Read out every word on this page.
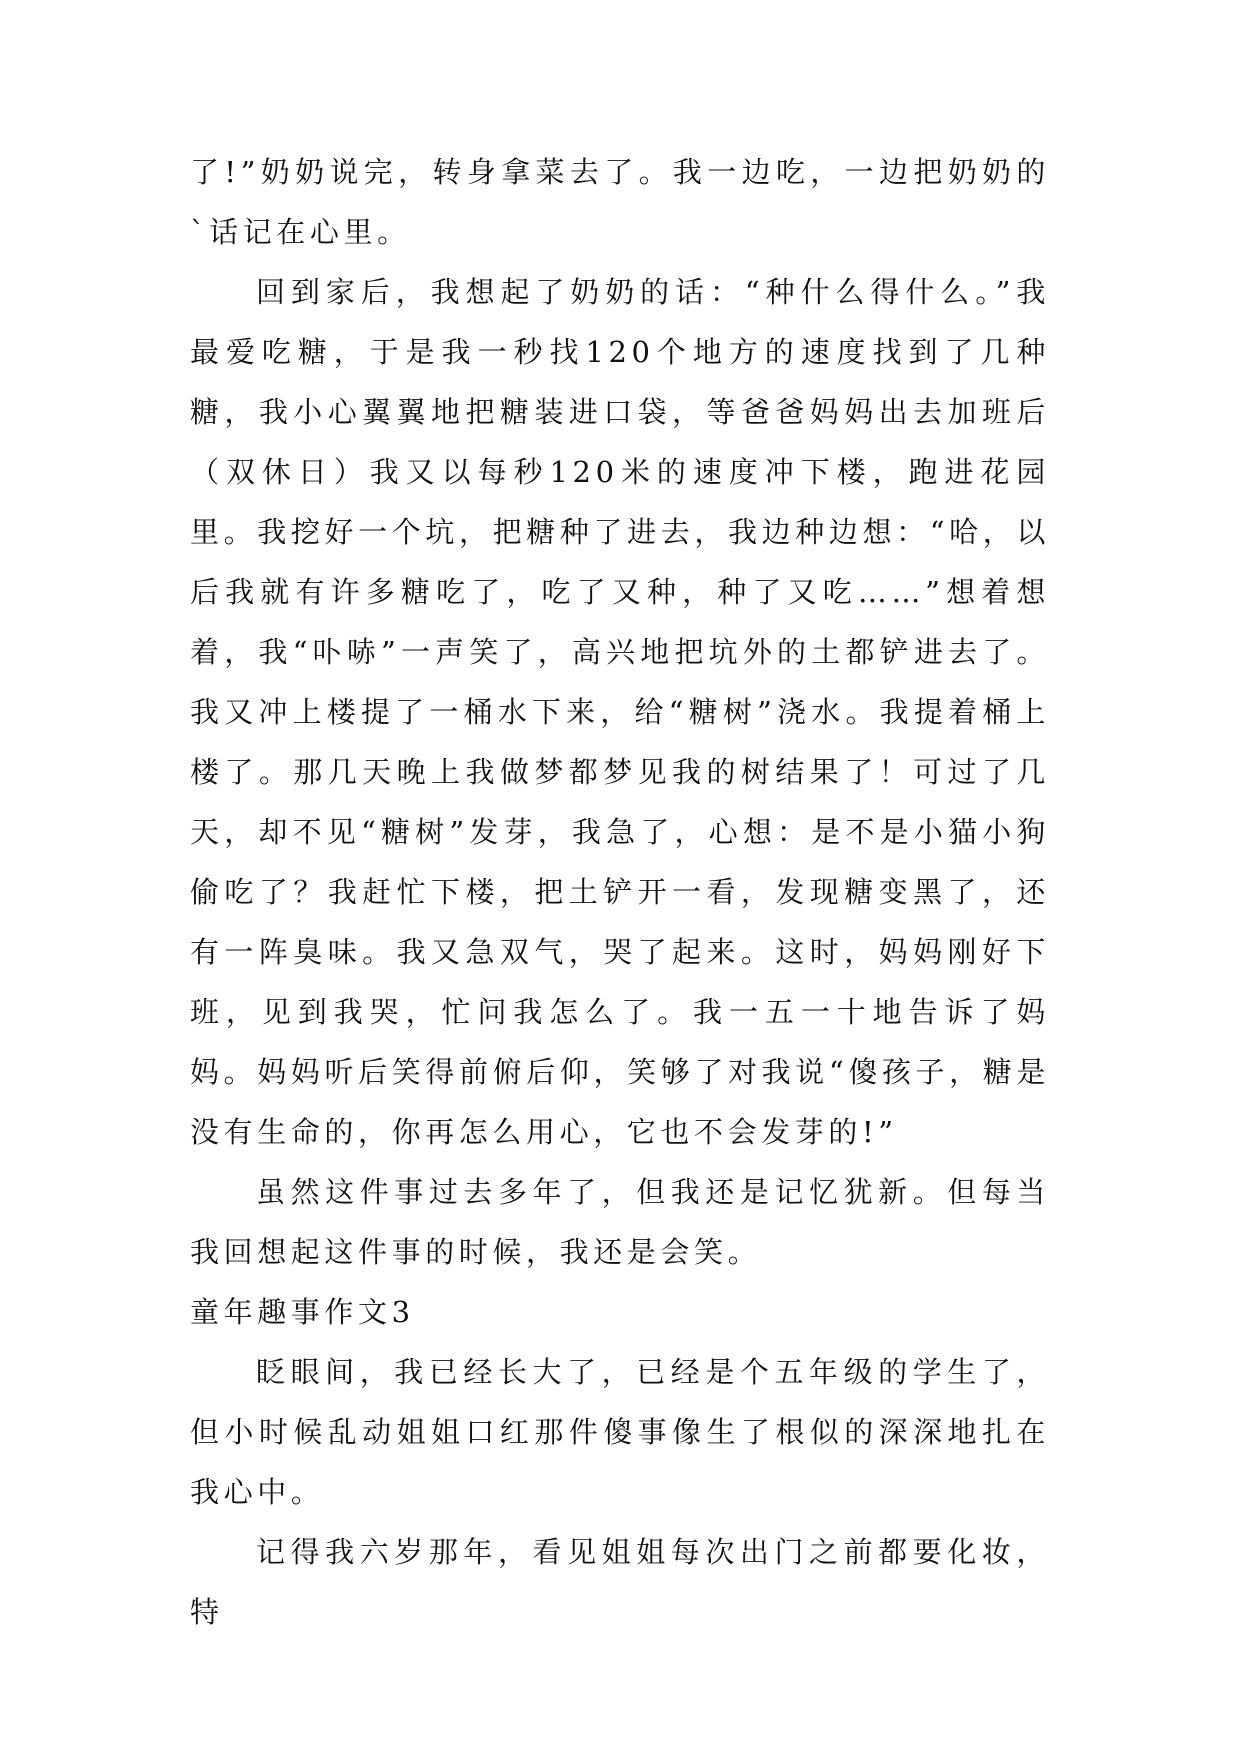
了!”奶奶说完，转身拿菜去了。我一边吃，一边把奶奶的`话记在心里。

回到家后，我想起了奶奶的话：“种什么得什么。”我最爱吃糖，于是我一秒找120个地方的速度找到了几种糖，我小心翼翼地把糖装进口袋，等爸爸妈妈出去加班后（双休日）我又以每秒120米的速度冲下楼，跑进花园里。我挖好一个坑，把糖种了进去，我边种边想：“哈，以后我就有许多糖吃了，吃了又种，种了又吃……”想着想着，我“卟哧”一声笑了，高兴地把坑外的土都铲进去了。我又冲上楼提了一桶水下来，给“糖树”浇水。我提着桶上楼了。那几天晚上我做梦都梦见我的树结果了！可过了几天，却不见“糖树”发芽，我急了，心想：是不是小猫小狗偷吃了？我赶忙下楼，把土铲开一看，发现糖变黑了，还有一阵臭味。我又急双气，哭了起来。这时，妈妈刚好下班，见到我哭，忙问我怎么了。我一五一十地告诉了妈妈。妈妈听后笑得前俯后仰，笑够了对我说“傻孩子，糖是没有生命的，你再怎么用心，它也不会发芽的!”

虽然这件事过去多年了，但我还是记忆犹新。但每当我回想起这件事的时候，我还是会笑。

童年趣事作文3

眨眼间，我已经长大了，已经是个五年级的学生了，但小时候乱动姐姐口红那件傻事像生了根似的深深地扎在我心中。

记得我六岁那年，看见姐姐每次出门之前都要化妆，特
